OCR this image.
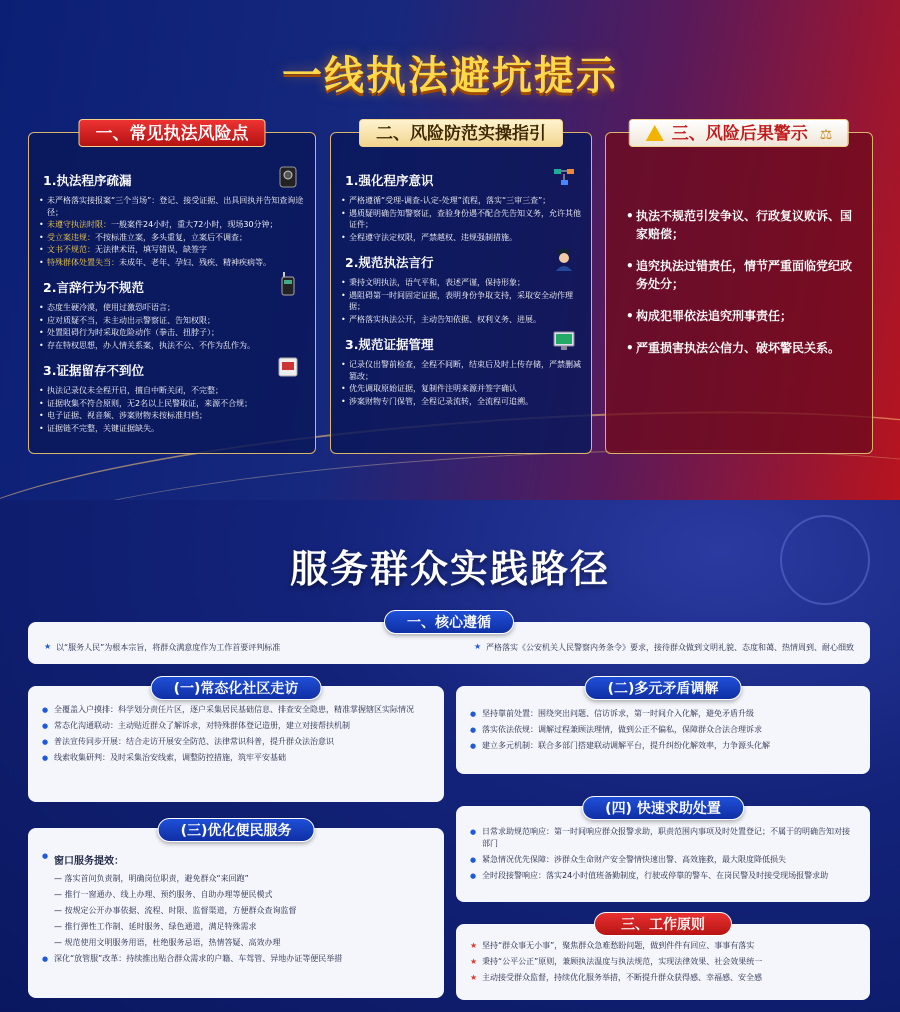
一线执法避坑提示
一、常见执法风险点
1.执法程序疏漏
• 未严格落实接报案“三个当场”：登记、接受证据、出具回执并告知查询途径；
• 未遵守执法时限：一般案件24小时，重大72小时，现场30分钟；
• 受立案违规：不按标准立案，多头重复，立案后不调查；
• 文书不规范：无法律术语，填写错误，缺签字
• 特殊群体处置失当：未成年、老年、孕妇、残疾、精神疾病等。
2.言辞行为不规范
• 态度生硬冷漠，使用过激恐吓语言；
• 应对质疑不当，未主动出示警察证、告知权限；
• 处置阻碍行为时采取危险动作（拳击、扭脖子）；
• 存在特权思想，办人情关系案，执法不公、不作为乱作为。
3.证据留存不到位
• 执法记录仪未全程开启，擅自中断关闭，不完整；
• 证据收集不符合原则，无2名以上民警取证，来源不合规；
• 电子证据、视音频、涉案财物未按标准归档；
• 证据链不完整，关键证据缺失。
二、风险防范实操指引
1.强化程序意识
• 严格遵循“受理-调查-认定-处理”流程，落实“三审三查”；
• 遇质疑明确告知警察证，查验身份遇不配合先告知义务，允许其他证件；
• 全程遵守法定权限，严禁越权、违规强制措施。
2.规范执法言行
• 秉持文明执法，语气平和，表述严谨，保持形象；
• 遇阻碍第一时间固定证据，表明身份争取支持，采取安全动作理据；
• 严格落实执法公开，主动告知依据、权利义务、进展。
3.规范证据管理
• 记录仪出警前检查，全程不间断，结束后及时上传存储，严禁删减篡改；
• 优先调取原始证据，复制件注明来源并签字确认
• 涉案财物专门保管，全程记录流转，全流程可追溯。
三、风险后果警示 ⚖
• 执法不规范引发争议、行政复议败诉、国家赔偿；
• 追究执法过错责任，情节严重面临党纪政务处分；
• 构成犯罪依法追究刑事责任；
• 严重损害执法公信力、破坏警民关系。
服务群众实践路径
一、核心遵循
★ 以“服务人民”为根本宗旨，将群众满意度作为工作首要评判标准
★	严格落实《公安机关人民警察内务条令》要求，接待群众做到文明礼貌、态度和蔼、热情周到、耐心细致
(一)常态化社区走访
● 全覆盖入户摸排：科学划分责任片区，逐户采集居民基础信息、排查安全隐患，精准掌握辖区实际情况
● 常态化沟通联动：主动贴近群众了解诉求，对特殊群体登记造册，建立对接帮扶机制
● 普法宣传同步开展：结合走访开展安全防范、法律常识科普，提升群众法治意识
● 线索收集研判：及时采集治安线索，调整防控措施，筑牢平安基础
(二)多元矛盾调解
● 坚持靠前处置：围绕突出问题、信访诉求，第一时间介入化解，避免矛盾升级
● 落实依法依规：调解过程兼顾法理情，做到公正不偏私，保障群众合法合理诉求
● 建立多元机制：联合多部门搭建联动调解平台，提升纠纷化解效率，力争源头化解
(三)优化便民服务
● 窗口服务提效：
— 落实首问负责制，明确岗位职责，避免群众“来回跑”
— 推行一窗通办、线上办理、预约服务、自助办理等便民模式
— 按规定公开办事依据、流程、时限、监督渠道，方便群众查询监督
— 推行弹性工作制、延时服务、绿色通道，满足特殊需求
— 规范使用文明服务用语，杜绝服务忌语，热情答疑、高效办理
● 深化“放管服”改革：持续推出贴合群众需求的户籍、车驾管、异地办证等便民举措
(四) 快速求助处置
● 日常求助规范响应：第一时间响应群众报警求助，职责范围内事项及时处置登记；不属于的明确告知对接部门
● 紧急情况优先保障：涉群众生命财产安全警情快速出警、高效施救，最大限度降低损失
● 全时段接警响应：落实24小时值班备勤制度，行驶或停靠的警车、在岗民警及时接受现场报警求助
三、工作原则
★ 坚持“群众事无小事”，聚焦群众急难愁盼问题，做到件件有回应、事事有落实
★ 秉持“公平公正”原则，兼顾执法温度与执法规范，实现法律效果、社会效果统一
★ 主动接受群众监督，持续优化服务举措，不断提升群众获得感、幸福感、安全感
